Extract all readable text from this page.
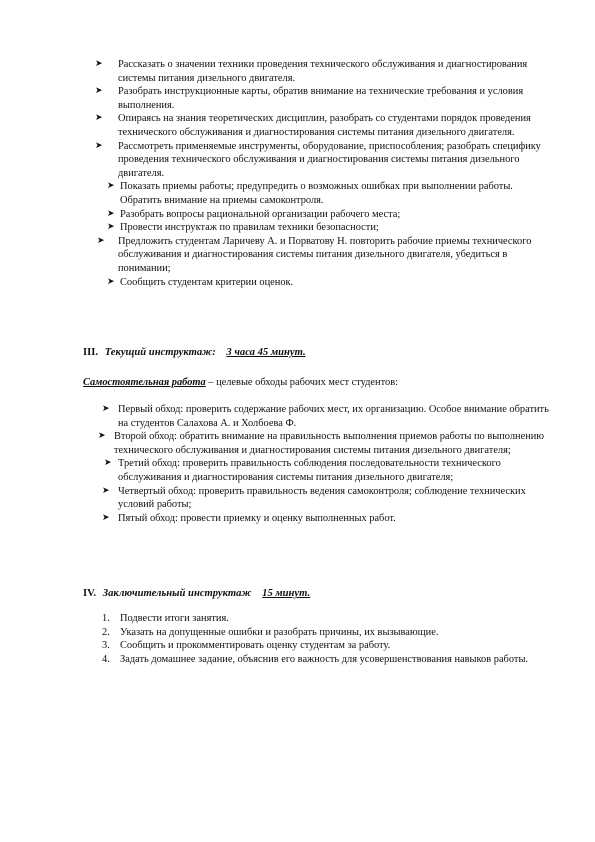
➤ Рассказать о значении техники проведения технического обслуживания и диагностирования системы питания дизельного двигателя.
➤ Разобрать инструкционные карты, обратив внимание на технические требования и условия выполнения.
➤ Опираясь на знания теоретических дисциплин, разобрать со студентами порядок проведения технического обслуживания и диагностирования системы питания дизельного двигателя.
➤ Рассмотреть применяемые инструменты, оборудование, приспособления; разобрать специфику проведения технического обслуживания и диагностирования системы питания дизельного двигателя.
➤ Показать приемы работы; предупредить о возможных ошибках при выполнении работы. Обратить внимание на приемы самоконтроля.
➤ Разобрать вопросы рациональной организации рабочего места;
➤ Провести инструктаж по правилам техники безопасности;
➤ Предложить студентам Ларичеву А. и Порватову Н. повторить рабочие приемы технического обслуживания и диагностирования системы питания дизельного двигателя, убедиться в понимании;
➤ Сообщить студентам критерии оценок.
III. Текущий инструктаж: 3 часа 45 минут.
Самостоятельная работа – целевые обходы рабочих мест студентов:
➤ Первый обход: проверить содержание рабочих мест, их организацию. Особое внимание обратить на студентов Салахова А. и Холбоева Ф.
➤ Второй обход: обратить внимание на правильность выполнения приемов работы по выполнению технического обслуживания и диагностирования системы питания дизельного двигателя;
➤ Третий обход: проверить правильность соблюдения последовательности технического обслуживания и диагностирования системы питания дизельного двигателя;
➤ Четвертый обход: проверить правильность ведения самоконтроля; соблюдение технических условий работы;
➤ Пятый обход: провести приемку и оценку выполненных работ.
IV. Заключительный инструктаж 15 минут.
1. Подвести итоги занятия.
2. Указать на допущенные ошибки и разобрать причины, их вызывающие.
3. Сообщить и прокомментировать оценку студентам за работу.
4. Задать домашнее задание, объяснив его важность для усовершенствования навыков работы.
